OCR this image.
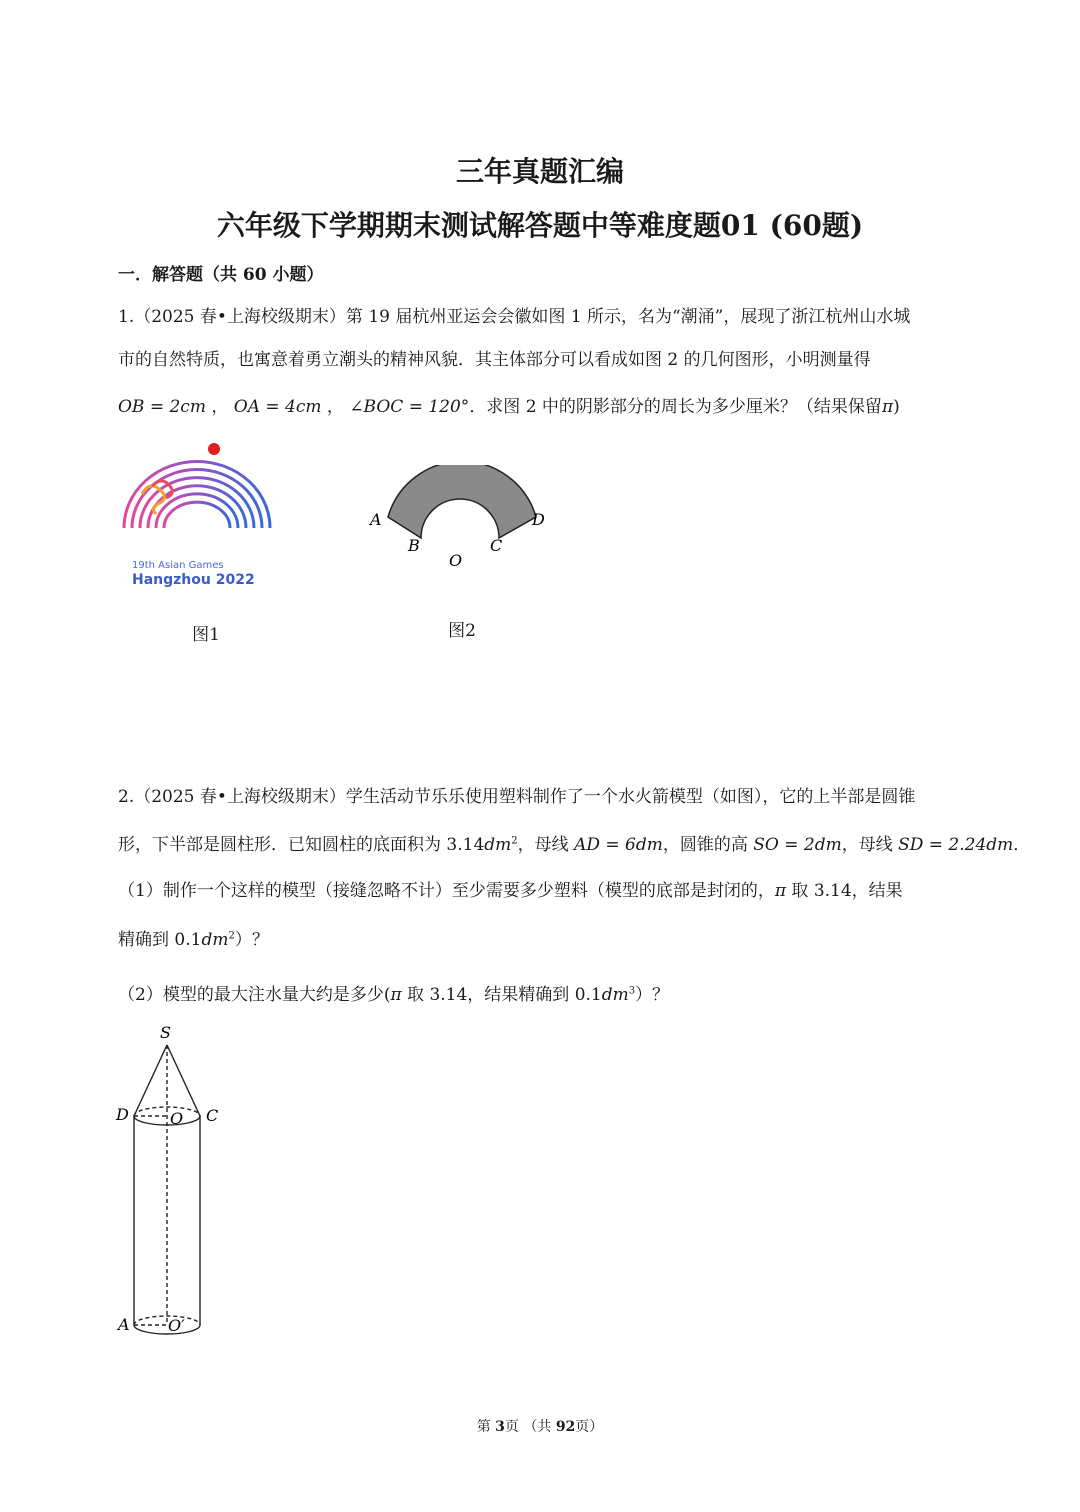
三年真题汇编
六年级下学期期末测试解答题中等难度题01 (60题)
一．解答题（共 60 小题）
1.（2025 春•上海校级期末）第 19 届杭州亚运会会徽如图 1 所示，名为“潮涌”，展现了浙江杭州山水城
市的自然特质，也寓意着勇立潮头的精神风貌．其主体部分可以看成如图 2 的几何图形，小明测量得
OB = 2cm ， OA = 4cm ， ∠BOC = 120°．求图 2 中的阴影部分的周长为多少厘米？（结果保留π)
19th Asian Games
Hangzhou 2022
图1
A
B
O
C
D
图2
2.（2025 春•上海校级期末）学生活动节乐乐使用塑料制作了一个水火箭模型（如图），它的上半部是圆锥
形，下半部是圆柱形．已知圆柱的底面积为 $3.14dm^2$，母线 AD = 6dm，圆锥的高 SO = 2dm，母线 SD = 2.24dm．
（1）制作一个这样的模型（接缝忽略不计）至少需要多少塑料（模型的底部是封闭的，π 取 3.14，结果
精确到 $0.1dm^2$）？
（2）模型的最大注水量大约是多少(π 取 3.14，结果精确到 $0.1dm^3$）？
S
D	O C
A O′
第 3页 （共 92页）
